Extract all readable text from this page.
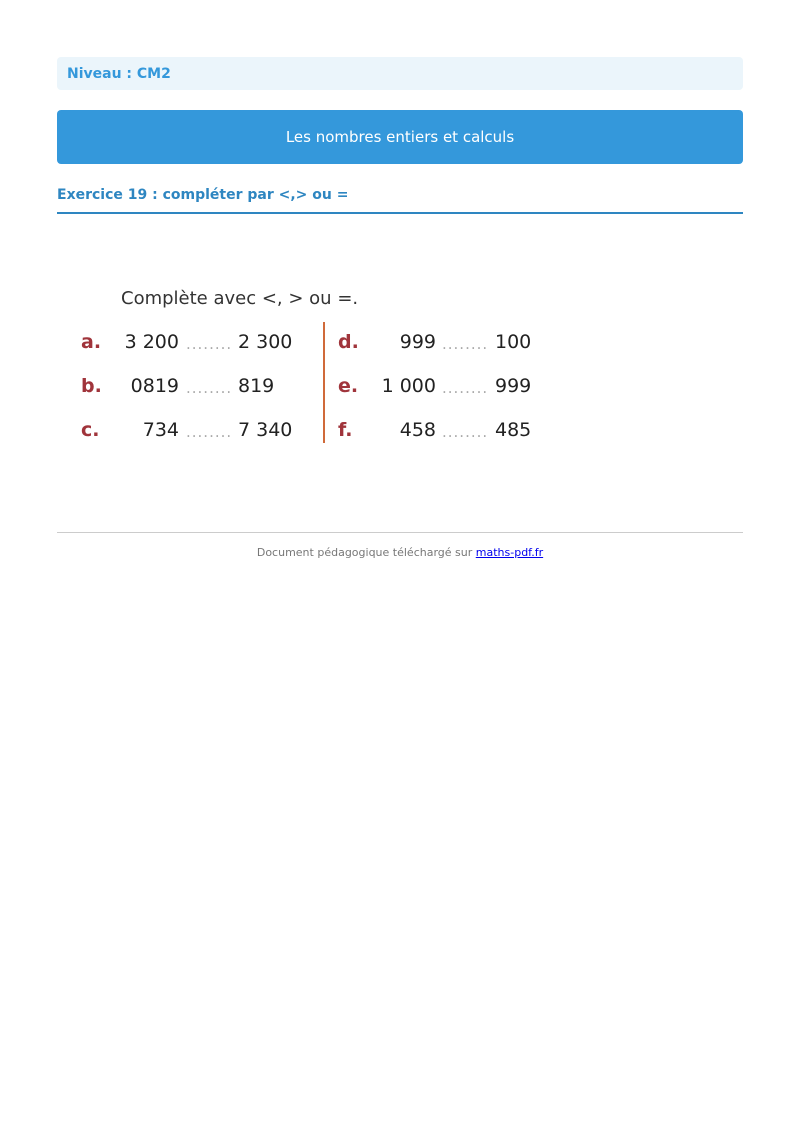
Niveau : CM2
Les nombres entiers et calculs
Exercice 19 : compléter par <,> ou =
Complète avec <, > ou =.
a. 3 200 ........ 2 300
b. 0819 ........ 819
c. 734 ........ 7 340
d. 999 ........ 100
e. 1 000 ........ 999
f. 458 ........ 485
Document pédagogique téléchargé sur maths-pdf.fr
